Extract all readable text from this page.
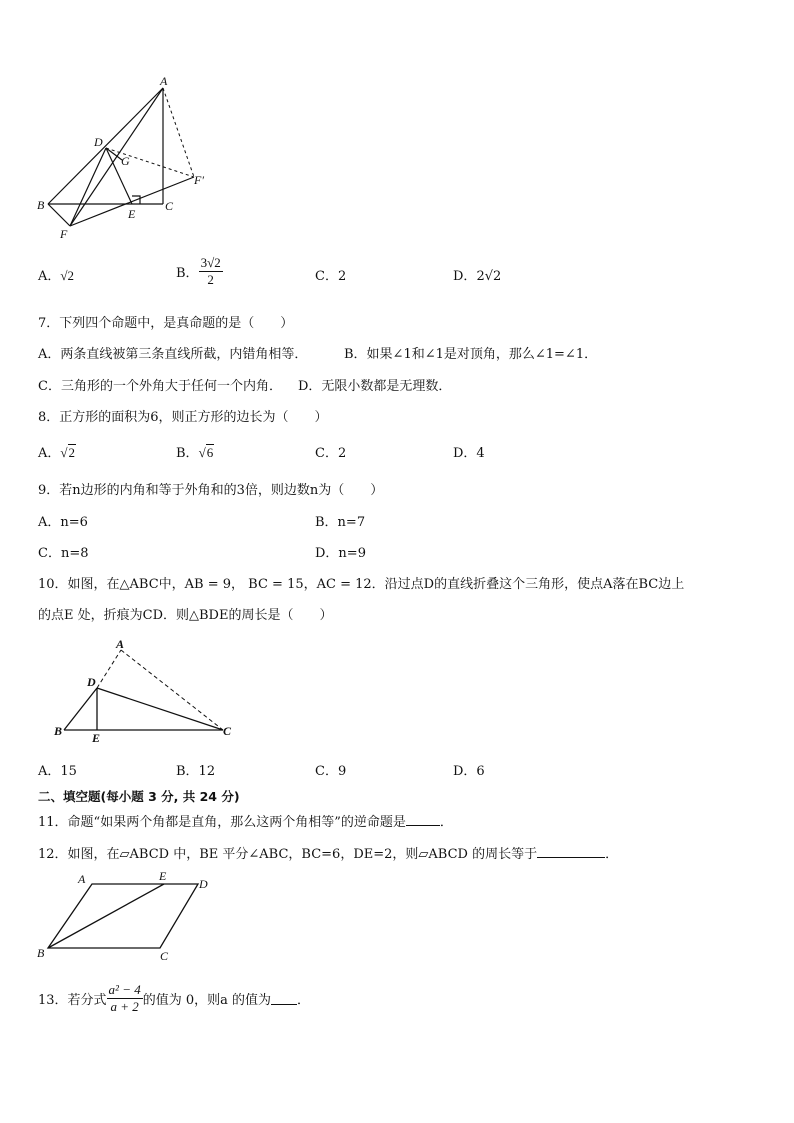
A
D
G
F′
B
E
C
F
A．√2	B． $\frac{3√2}{2}$	C．2	D．2√2
7．下列四个命题中，是真命题的是（　　）
A．两条直线被第三条直线所截，内错角相等．	B．如果∠1和∠1是对顶角，那么∠1=∠1．
C．三角形的一个外角大于任何一个内角． D．无限小数都是无理数．
8．正方形的面积为6，则正方形的边长为（　　）
A．√2	B．√6	C．2	D．4
9．若n边形的内角和等于外角和的3倍，则边数n为（　　）
A．n=6	B．n=7
C．n=8	D．n=9
10．如图，在△ABC中，AB = 9， BC = 15，AC = 12．沿过点D的直线折叠这个三角形，使点A落在BC边上
的点E 处，折痕为CD．则△BDE的周长是（　　）
A
D
B E	C
A．15	B．12	C．9	D．6
二、填空题(每小题 3 分, 共 24 分)
11．命题“如果两个角都是直角，那么这两个角相等”的逆命题是	．
12．如图，在▱ABCD 中，BE 平分∠ABC，BC=6，DE=2，则▱ABCD 的周长等于	．
A	E
D
B	C
13．若分式 $\frac{\text{a² − 4}}{a + 2}$ 的值为 0，则a 的值为 ．
